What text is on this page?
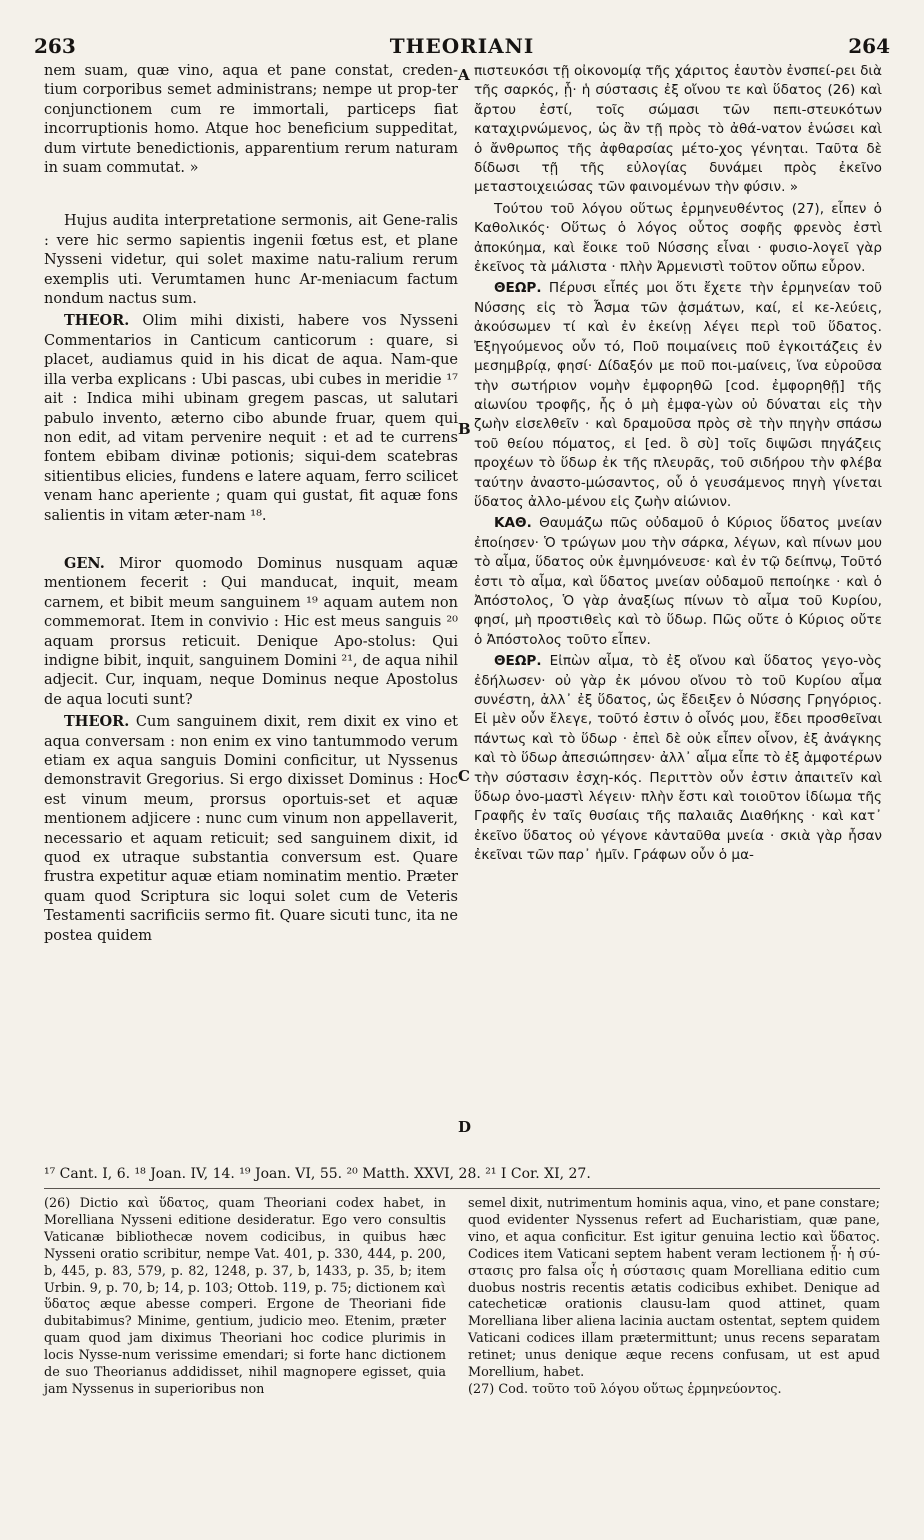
263	THEORIANI	264

nem suam, quæ vino, aqua et pane constat, creden-tium corporibus semet administrans; nempe ut prop-ter conjunctionem cum re immortali, particeps fiat incorruptionis homo. Atque hoc beneficium suppeditat, dum virtute benedictionis, apparentium rerum naturam in suam commutat. »

Hujus audita interpretatione sermonis, ait Gene-ralis : vere hic sermo sapientis ingenii fœtus est, et plane Nysseni videtur, qui solet maxime natu-ralium rerum exemplis uti. Verumtamen hunc Ar-meniacum factum nondum nactus sum.

THEOR. Olim mihi dixisti, habere vos Nysseni Commentarios in Canticum canticorum : quare, si placet, audiamus quid in his dicat de aqua. Nam-que illa verba explicans : Ubi pascas, ubi cubes in meridie ¹⁷ ait : Indica mihi ubinam gregem pascas, ut salutari pabulo invento, æterno cibo abunde fruar, quem qui non edit, ad vitam pervenire nequit : et ad te currens fontem ebibam divinæ potionis; siqui-dem scatebras sitientibus elicies, fundens e latere aquam, ferro scilicet venam hanc aperiente ; quam qui gustat, fit aquæ fons salientis in vitam æter-nam ¹⁸.

GEN. Miror quomodo Dominus nusquam aquæ mentionem fecerit : Qui manducat, inquit, meam carnem, et bibit meum sanguinem ¹⁹ aquam autem non commemorat. Item in convivio : Hic est meus sanguis ²⁰ aquam prorsus reticuit. Denique Apo-stolus: Qui indigne bibit, inquit, sanguinem Domini ²¹, de aqua nihil adjecit. Cur, inquam, neque Dominus neque Apostolus de aqua locuti sunt?

THEOR. Cum sanguinem dixit, rem dixit ex vino et aqua conversam : non enim ex vino tantummodo verum etiam ex aqua sanguis Domini conficitur, ut Nyssenus demonstravit Gregorius. Si ergo dixisset Dominus : Hoc est vinum meum, prorsus oportuis-set et aquæ mentionem adjicere : nunc cum vinum non appellaverit, necessario et aquam reticuit; sed sanguinem dixit, id quod ex utraque substantia conversum est. Quare frustra expetitur aquæ etiam nominatim mentio. Præter quam quod Scriptura sic loqui solet cum de Veteris Testamenti sacrificiis sermo fit. Quare sicuti tunc, ita ne postea quidem

A
B
C
D

πιστευκόσι τῇ οἰκονομίᾳ τῆς χάριτος ἑαυτὸν ἐνσπεί-ρει διὰ τῆς σαρκός, ᾗ· ἡ σύστασις ἐξ οἴνου τε καὶ ὕδατος (26) καὶ ἄρτου ἐστί, τοῖς σώμασι τῶν πεπι-στευκότων καταχιρνώμενος, ὡς ἂν τῇ πρὸς τὸ ἀθά-νατον ἑνώσει καὶ ὁ ἄνθρωπος τῆς ἀφθαρσίας μέτο-χος γένηται. Ταῦτα δὲ δίδωσι τῇ τῆς εὐλογίας δυνάμει πρὸς ἐκεῖνο μεταστοιχειώσας τῶν φαινομένων τὴν φύσιν. »

Τούτου τοῦ λόγου οὕτως ἑρμηνευθέντος (27), εἶπεν ὁ Καθολικός· Οὕτως ὁ λόγος οὗτος σοφῆς φρενὸς ἐστὶ ἀποκύημα, καὶ ἔοικε τοῦ Νύσσης εἶναι · φυσιο-λογεῖ γὰρ ἐκεῖνος τὰ μάλιστα · πλὴν Ἀρμενιστὶ τοῦτον οὔπω εὗρον.

ΘΕΩΡ. Πέρυσι εἶπές μοι ὅτι ἔχετε τὴν ἑρμηνείαν τοῦ Νύσσης εἰς τὸ Ἆσμα τῶν ᾀσμάτων, καί, εἰ κε-λεύεις, ἀκούσωμεν τί καὶ ἐν ἐκείνῃ λέγει περὶ τοῦ ὕδατος. Ἐξηγούμενος οὖν τό, Ποῦ ποιμαίνεις ποῦ ἐγκοιτάζεις ἐν μεσημβρίᾳ, φησί· Δίδαξόν με ποῦ ποι-μαίνεις, ἵνα εὑροῦσα τὴν σωτήριον νομὴν ἐμφορηθῶ [cod. ἐμφορηθῇ] τῆς αἰωνίου τροφῆς, ἧς ὁ μὴ ἐμφα-γὼν οὐ δύναται εἰς τὴν ζωὴν εἰσελθεῖν · καὶ δραμοῦσα πρὸς σὲ τὴν πηγὴν σπάσω τοῦ θείου πόματος, εἰ [ed. ὃ σὺ] τοῖς διψῶσι πηγάζεις προχέων τὸ ὕδωρ ἐκ τῆς πλευρᾶς, τοῦ σιδήρου τὴν φλέβα ταύτην ἀναστο-μώσαντος, οὗ ὁ γευσάμενος πηγὴ γίνεται ὕδατος ἀλλο-μένου εἰς ζωὴν αἰώνιον.

ΚΑΘ. Θαυμάζω πῶς οὐδαμοῦ ὁ Κύριος ὕδατος μνείαν ἐποίησεν· Ὁ τρώγων μου τὴν σάρκα, λέγων, καὶ πίνων μου τὸ αἷμα, ὕδατος οὐκ ἐμνημόνευσε· καὶ ἐν τῷ δείπνῳ, Τοῦτό ἐστι τὸ αἷμα, καὶ ὕδατος μνείαν οὐδαμοῦ πεποίηκε · καὶ ὁ Ἀπόστολος, Ὁ γὰρ ἀναξίως πίνων τὸ αἷμα τοῦ Κυρίου, φησί, μὴ προστιθεὶς καὶ τὸ ὕδωρ. Πῶς οὔτε ὁ Κύριος οὔτε ὁ Ἀπόστολος τοῦτο εἶπεν.

ΘΕΩΡ. Εἰπὼν αἷμα, τὸ ἐξ οἴνου καὶ ὕδατος γεγο-νὸς ἐδήλωσεν· οὐ γὰρ ἐκ μόνου οἴνου τὸ τοῦ Κυρίου αἷμα συνέστη, ἀλλ᾽ ἐξ ὕδατος, ὡς ἔδειξεν ὁ Νύσσης Γρηγόριος. Εἰ μὲν οὖν ἔλεγε, τοῦτό ἐστιν ὁ οἶνός μου, ἔδει προσθεῖναι πάντως καὶ τὸ ὕδωρ · ἐπεὶ δὲ οὐκ εἶπεν οἶνον, ἐξ ἀνάγκης καὶ τὸ ὕδωρ ἀπεσιώπησεν· ἀλλ᾽ αἷμα εἶπε τὸ ἐξ ἀμφοτέρων τὴν σύστασιν ἐσχη-κός. Περιττὸν οὖν ἐστιν ἀπαιτεῖν καὶ ὕδωρ ὀνο-μαστὶ λέγειν· πλὴν ἔστι καὶ τοιοῦτον ἰδίωμα τῆς Γραφῆς ἐν ταῖς θυσίαις τῆς παλαιᾶς Διαθήκης · καὶ κατ᾽ ἐκεῖνο ὕδατος οὐ γέγονε κἀνταῦθα μνεία · σκιὰ γὰρ ἦσαν ἐκεῖναι τῶν παρ᾽ ἡμῖν. Γράφων οὖν ὁ μα-

¹⁷ Cant. I, 6. ¹⁸ Joan. IV, 14. ¹⁹ Joan. VI, 55. ²⁰ Matth. XXVI, 28. ²¹ I Cor. XI, 27.

(26) Dictio καὶ ὕδατος, quam Theoriani codex habet, in Morelliana Nysseni editione desideratur. Ego vero consultis Vaticanæ bibliothecæ novem codicibus, in quibus hæc Nysseni oratio scribitur, nempe Vat. 401, p. 330, 444, p. 200, b, 445, p. 83, 579, p. 82, 1248, p. 37, b, 1433, p. 35, b; item Urbin. 9, p. 70, b; 14, p. 103; Ottob. 119, p. 75; dictionem καὶ ὕδατος æque abesse comperi. Ergone de Theoriani fide dubitabimus? Minime, gentium, judicio meo. Etenim, præter quam quod jam diximus Theoriani hoc codice plurimis in locis Nysse-num verissime emendari; si forte hanc dictionem de suo Theorianus addidisset, nihil magnopere egisset, quia jam Nyssenus in superioribus non

semel dixit, nutrimentum hominis aqua, vino, et pane constare; quod evidenter Nyssenus refert ad Eucharistiam, quæ pane, vino, et aqua conficitur. Est igitur genuina lectio καὶ ὕδατος. Codices item Vaticani septem habent veram lectionem ᾗ· ἡ σύ-στασις pro falsa οἷς ἡ σύστασις quam Morelliana editio cum duobus nostris recentis ætatis codicibus exhibet. Denique ad catecheticæ orationis clausu-lam quod attinet, quam Morelliana liber aliena lacinia auctam ostentat, septem quidem Vaticani codices illam prætermittunt; unus recens separatam retinet; unus denique æque recens confusam, ut est apud Morellium, habet.

(27) Cod. τοῦτο τοῦ λόγου οὕτως ἑρμηνεύοντος.
